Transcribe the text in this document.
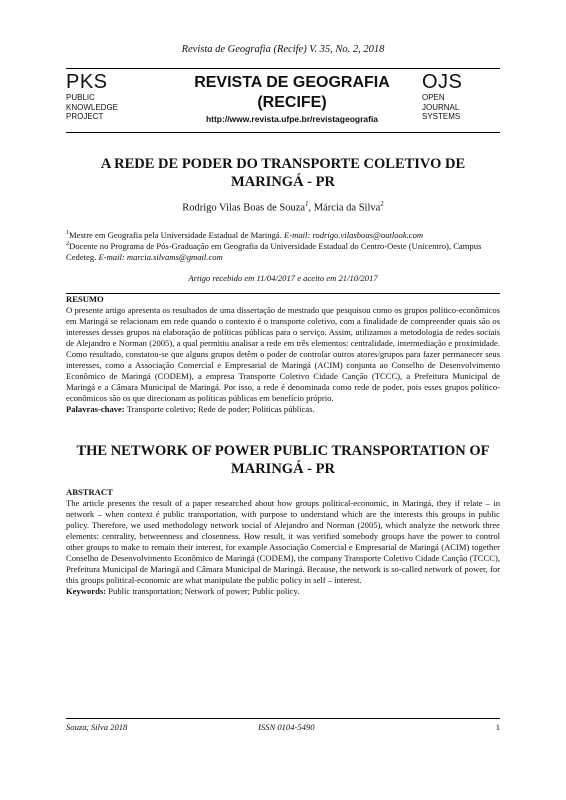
Revista de Geografia (Recife) V. 35, No. 2, 2018
PKS
PUBLIC
KNOWLEDGE
PROJECT
REVISTA DE GEOGRAFIA
(RECIFE)
http://www.revista.ufpe.br/revistageografia
OJS
OPEN
JOURNAL
SYSTEMS
A REDE DE PODER DO TRANSPORTE COLETIVO DE
MARINGÁ - PR
Rodrigo Vilas Boas de Souza$^1$, Márcia da Silva$^2$
$^1$Mestre em Geografia pela Universidade Estadual de Maringá. E-mail: rodrigo.vilasboas@outlook.com
$^2$Docente no Programa de Pós-Graduação em Geografia da Universidade Estadual do Centro-Oeste (Unicentro), Campus Cedeteg. E-mail: marcia.silvams@gmail.com
Artigo recebido em 11/04/2017 e aceito em 21/10/2017
RESUMO
O presente artigo apresenta os resultados de uma dissertação de mestrado que pesquisou como os grupos político-econômicos em Maringá se relacionam em rede quando o contexto é o transporte coletivo, com a finalidade de compreender quais são os interesses desses grupos na elaboração de políticas públicas para o serviço. Assim, utilizamos a metodologia de redes sociais de Alejandro e Norman (2005), a qual permitiu analisar a rede em três elementos: centralidade, intermediação e proximidade. Como resultado, constatou-se que alguns grupos detêm o poder de controlar outros atores/grupos para fazer permanecer seus interesses, como a Associação Comercial e Empresarial de Maringá (ACIM) conjunta ao Conselho de Desenvolvimento Econômico de Maringá (CODEM), a empresa Transporte Coletivo Cidade Canção (TCCC), a Prefeitura Municipal de Maringá e a Câmara Municipal de Maringá. Por isso, a rede é denominada como rede de poder, pois esses grupos político-econômicos são os que direcionam as políticas públicas em benefício próprio.
Palavras-chave: Transporte coletivo; Rede de poder; Políticas públicas.
THE NETWORK OF POWER PUBLIC TRANSPORTATION OF
MARINGÁ - PR
ABSTRACT
The article presents the result of a paper researched about how groups political-economic, in Maringá, they if relate – in network – when context é public transportation, with purpose to understand which are the interests this groups in public policy. Therefore, we used methodology network social of Alejandro and Norman (2005), which analyze the network three elements: centrality, betweenness and closenness. How result, it was verified somebody groups have the power to control other groups to make to remain their interest, for example Associação Comercial e Empresarial de Maringá (ACIM) together Conselho de Desenvolvimento Econômico de Maringá (CODEM), the company Transporte Coletivo Cidade Canção (TCCC), Prefeitura Municipal de Maringá and Câmara Municipal de Maringá. Because, the network is so-called network of power, for this groups political-economic are what manipulate the public policy in self – interest.
Keywords: Public transportation; Network of power; Public policy.
Souza, Silva 2018	ISSN 0104-5490	1
